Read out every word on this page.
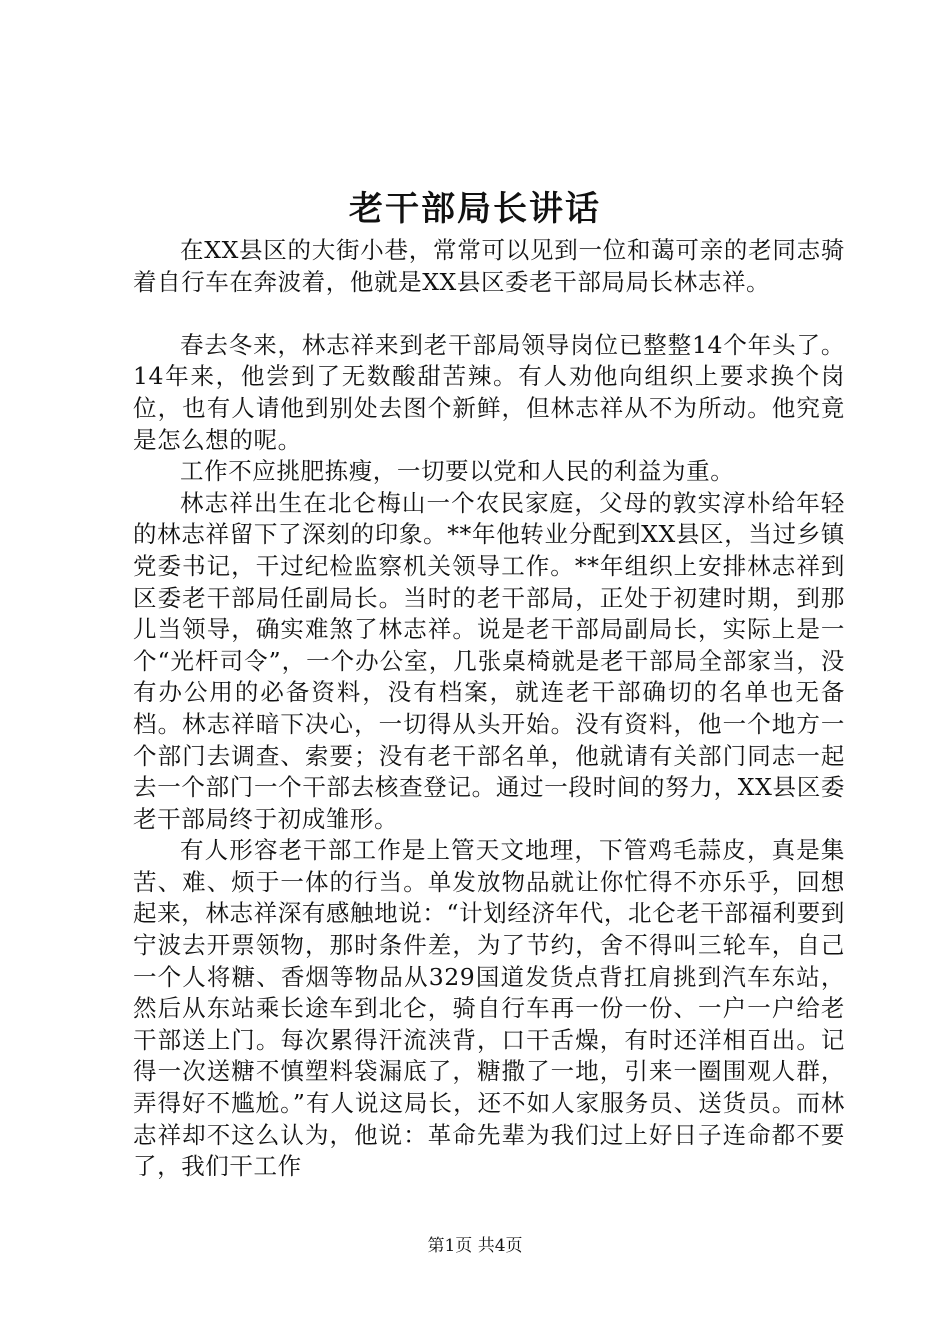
老干部局长讲话

在XX县区的大街小巷，常常可以见到一位和蔼可亲的老同志骑着自行车在奔波着，他就是XX县区委老干部局局长林志祥。

春去冬来，林志祥来到老干部局领导岗位已整整14个年头了。14年来，他尝到了无数酸甜苦辣。有人劝他向组织上要求换个岗位，也有人请他到别处去图个新鲜，但林志祥从不为所动。他究竟是怎么想的呢。

工作不应挑肥拣瘦，一切要以党和人民的利益为重。

林志祥出生在北仑梅山一个农民家庭，父母的敦实淳朴给年轻的林志祥留下了深刻的印象。**年他转业分配到XX县区，当过乡镇党委书记，干过纪检监察机关领导工作。**年组织上安排林志祥到区委老干部局任副局长。当时的老干部局，正处于初建时期，到那儿当领导，确实难煞了林志祥。说是老干部局副局长，实际上是一个“光杆司令”，一个办公室，几张桌椅就是老干部局全部家当，没有办公用的必备资料，没有档案，就连老干部确切的名单也无备档。林志祥暗下决心，一切得从头开始。没有资料，他一个地方一个部门去调查、索要；没有老干部名单，他就请有关部门同志一起去一个部门一个干部去核查登记。通过一段时间的努力，XX县区委老干部局终于初成雏形。

有人形容老干部工作是上管天文地理，下管鸡毛蒜皮，真是集苦、难、烦于一体的行当。单发放物品就让你忙得不亦乐乎，回想起来，林志祥深有感触地说：“计划经济年代，北仑老干部福利要到宁波去开票领物，那时条件差，为了节约，舍不得叫三轮车，自己一个人将糖、香烟等物品从329国道发货点背扛肩挑到汽车东站，然后从东站乘长途车到北仑，骑自行车再一份一份、一户一户给老干部送上门。每次累得汗流浃背，口干舌燥，有时还洋相百出。记得一次送糖不慎塑料袋漏底了，糖撒了一地，引来一圈围观人群，弄得好不尴尬。”有人说这局长，还不如人家服务员、送货员。而林志祥却不这么认为，他说：革命先辈为我们过上好日子连命都不要了，我们干工作

第1页 共4页
